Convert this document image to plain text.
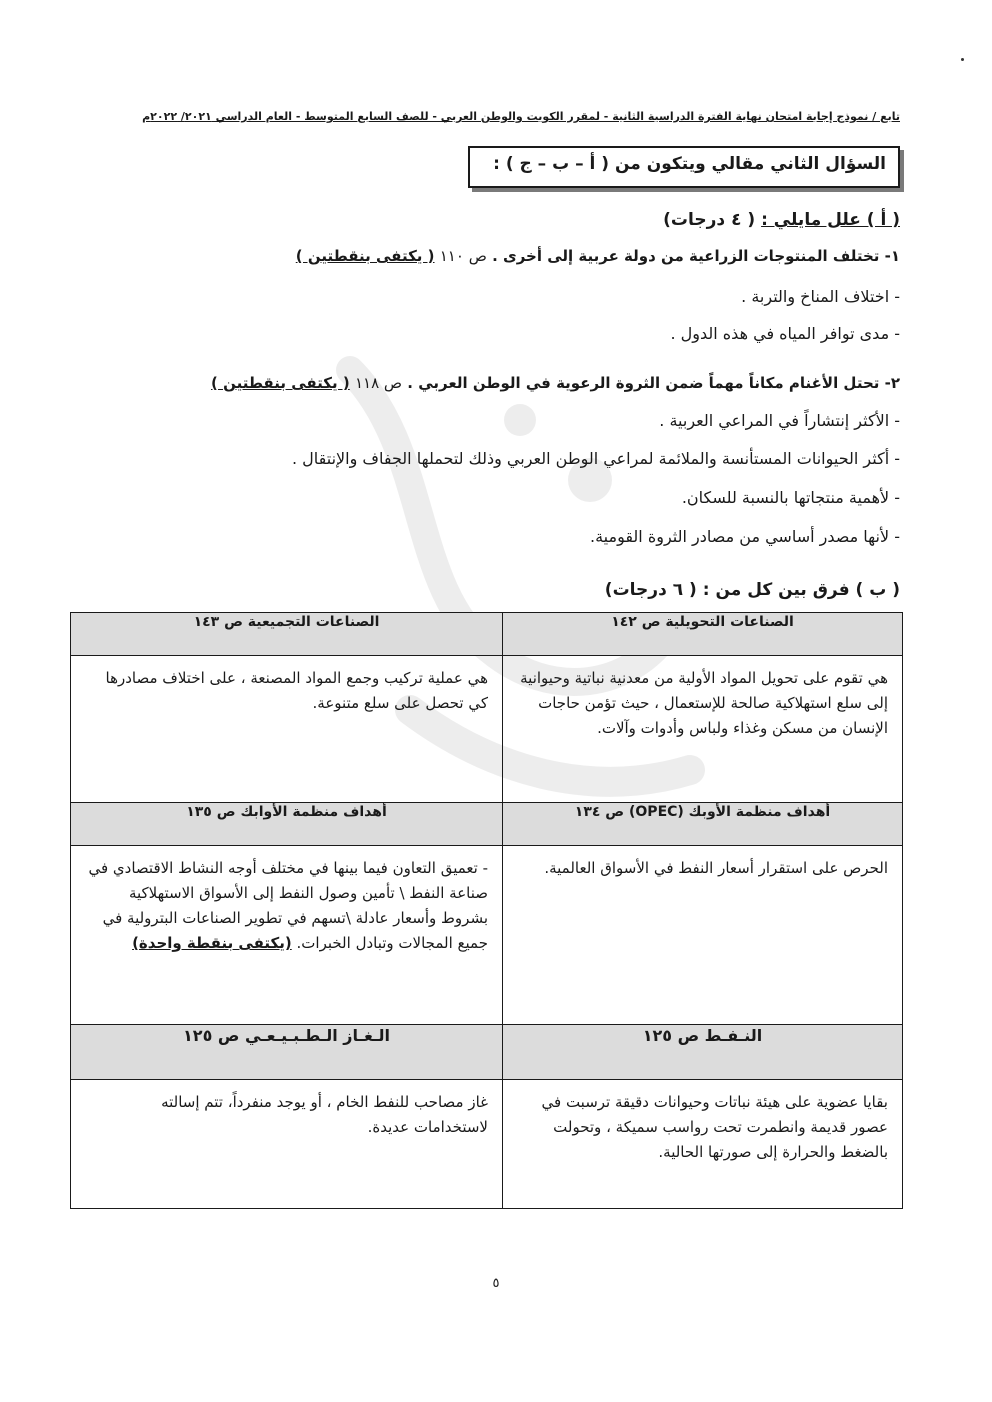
تابع / نموذج إجابة امتحان نهاية الفترة الدراسية الثانية - لمقرر الكويت والوطن العربي - للصف السابع المتوسط - العام الدراسي ٢٠٢١/ ٢٠٢٢م
السؤال الثاني مقالي ويتكون من ( أ – ب – ج ) :
( أ ) علل مايلي : ( ٤ درجات)
١- تختلف المنتوجات الزراعية من دولة عربية إلى أخرى . ص ١١٠ ( يكتفى بنقطتين )
- اختلاف المناخ والتربة .
- مدى توافر المياه في هذه الدول .
٢- تحتل الأغنام مكاناً مهماً ضمن الثروة الرعوية في الوطن العربي . ص ١١٨ ( يكتفى بنقطتين )
- الأكثر إنتشاراً في المراعي العربية .
- أكثر الحيوانات المستأنسة والملائمة لمراعي الوطن العربي وذلك لتحملها الجفاف والإنتقال .
- لأهمية منتجاتها بالنسبة للسكان.
- لأنها مصدر أساسي من مصادر الثروة القومية.
( ب ) فرق بين كل من : ( ٦ درجات)
الصناعات التحويلية ص ١٤٢	الصناعات التجميعية ص ١٤٣
هي تقوم على تحويل المواد الأولية من معدنية نباتية وحيوانية إلى سلع استهلاكية صالحة للإستعمال ، حيث تؤمن حاجات الإنسان من مسكن وغذاء ولباس وأدوات وآلات.	هي عملية تركيب وجمع المواد المصنعة ، على اختلاف مصادرها كي تحصل على سلع متنوعة.
أهداف منظمة الأوبك (OPEC) ص ١٣٤	أهداف منظمة الأوابك ص ١٣٥
الحرص على استقرار أسعار النفط في الأسواق العالمية.	- تعميق التعاون فيما بينها في مختلف أوجه النشاط الاقتصادي في صناعة النفط \ تأمين وصول النفط إلى الأسواق الاستهلاكية بشروط وأسعار عادلة \تسهم في تطوير الصناعات البترولية في جميع المجالات وتبادل الخبرات. (يكتفى بنقطة واحدة)
النـفـط ص ١٢٥	الـغـاز الـطـبـيـعـي ص ١٢٥
بقايا عضوية على هيئة نباتات وحيوانات دقيقة ترسبت في عصور قديمة وانطمرت تحت رواسب سميكة ، وتحولت بالضغط والحرارة إلى صورتها الحالية.	غاز مصاحب للنفط الخام ، أو يوجد منفرداً، تتم إسالته لاستخدامات عديدة.
٥
